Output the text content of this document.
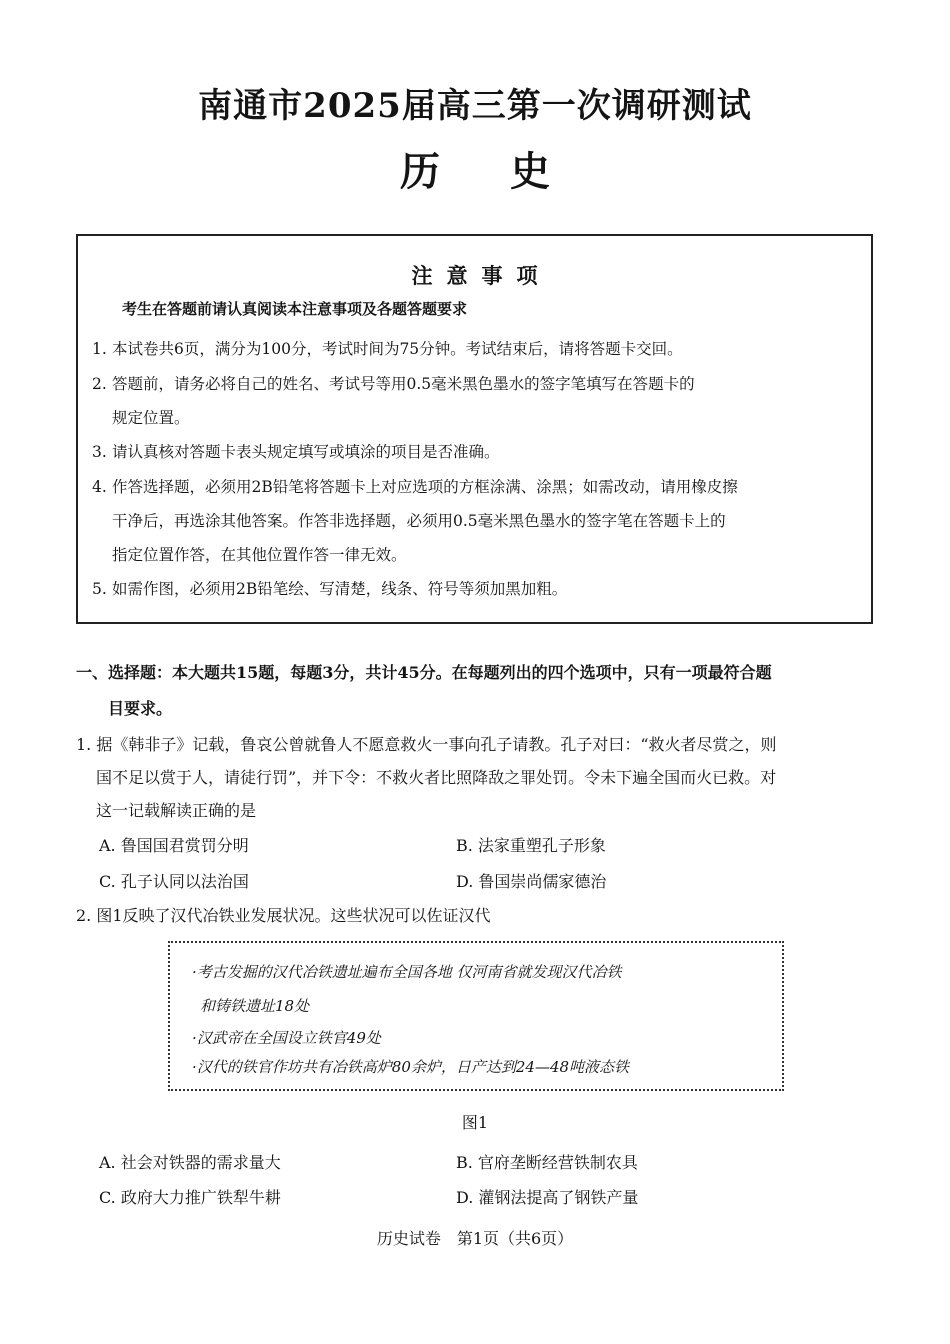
南通市2025届高三第一次调研测试
历史
注意事项
考生在答题前请认真阅读本注意事项及各题答题要求
1. 本试卷共6页，满分为100分，考试时间为75分钟。考试结束后，请将答题卡交回。
2. 答题前，请务必将自己的姓名、考试号等用0.5毫米黑色墨水的签字笔填写在答题卡的
规定位置。
3. 请认真核对答题卡表头规定填写或填涂的项目是否准确。
4. 作答选择题，必须用2B铅笔将答题卡上对应选项的方框涂满、涂黑；如需改动，请用橡皮擦
干净后，再选涂其他答案。作答非选择题，必须用0.5毫米黑色墨水的签字笔在答题卡上的
指定位置作答，在其他位置作答一律无效。
5. 如需作图，必须用2B铅笔绘、写清楚，线条、符号等须加黑加粗。
一、选择题：本大题共15题，每题3分，共计45分。在每题列出的四个选项中，只有一项最符合题
目要求。
1. 据《韩非子》记载，鲁哀公曾就鲁人不愿意救火一事向孔子请教。孔子对曰：“救火者尽赏之，则
国不足以赏于人，请徒行罚”，并下令：不救火者比照降敌之罪处罚。令未下遍全国而火已救。对
这一记载解读正确的是
A. 鲁国国君赏罚分明	B. 法家重塑孔子形象
C. 孔子认同以法治国	D. 鲁国崇尚儒家德治
2. 图1反映了汉代冶铁业发展状况。这些状况可以佐证汉代
·考古发掘的汉代冶铁遗址遍布全国各地 仅河南省就发现汉代冶铁
和铸铁遗址18处
·汉武帝在全国设立铁官49处
·汉代的铁官作坊共有冶铁高炉80余炉，日产达到24—48吨液态铁
图1
A. 社会对铁器的需求量大	B. 官府垄断经营铁制农具
C. 政府大力推广铁犁牛耕	D. 灌钢法提高了钢铁产量
历史试卷　第1页（共6页）
